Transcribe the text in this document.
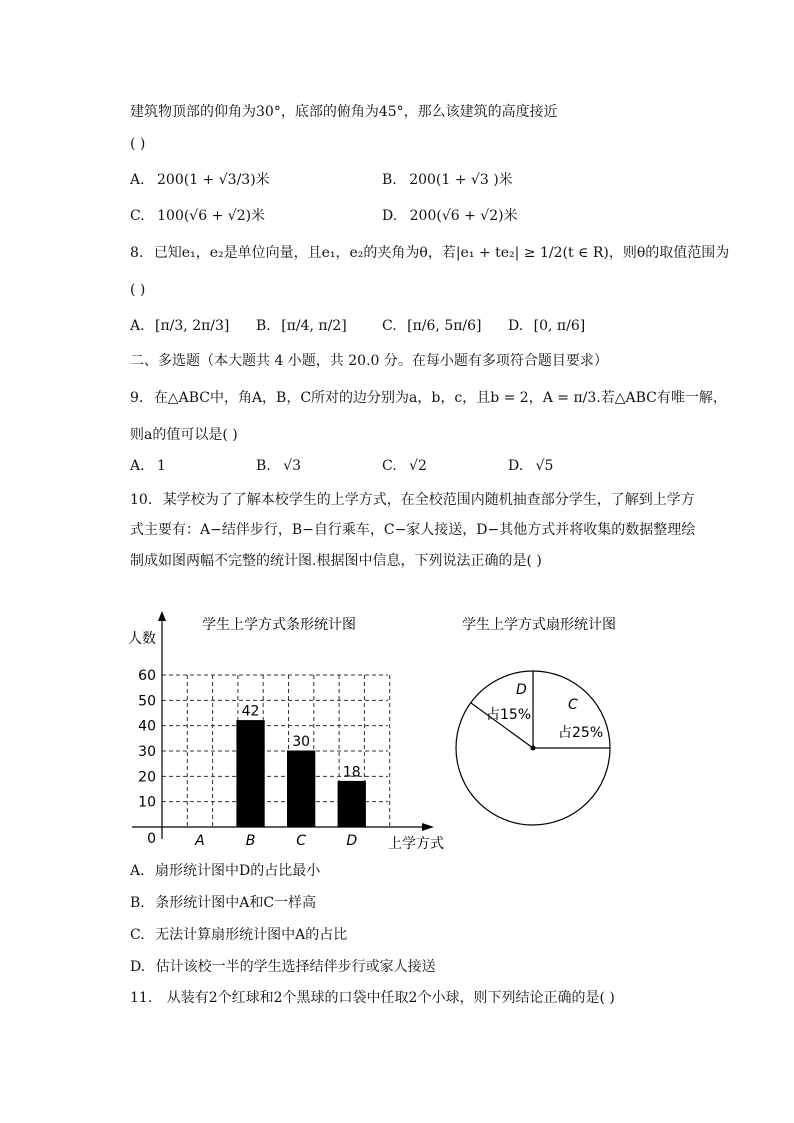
建筑物顶部的仰角为30°，底部的俯角为45°，那么该建筑的高度接近
( )
A. 200(1 + √3/3)米	B. 200(1 + √3 )米
C. 100(√6 + √2)米	D. 200(√6 + √2)米
8. 已知e₁，e₂是单位向量，且e₁，e₂的夹角为θ，若|e₁ + te₂| ≥ 1/2(t ∈ R)，则θ的取值范围为
( )
A. [π/3, 2π/3] B. [π/4, π/2]	C. [π/6, 5π/6] D. [0, π/6]
二、多选题（本大题共 4 小题，共 20.0 分。在每小题有多项符合题目要求）
9. 在△ABC中，角A，B，C所对的边分别为a，b，c，且b = 2，A = π/3.若△ABC有唯一解，
则a的值可以是( )
A. 1	B. √3	C. √2	D. √5
10. 某学校为了了解本校学生的上学方式，在全校范围内随机抽查部分学生，了解到上学方
式主要有：A−结伴步行，B−自行乘车，C−家人接送，D−其他方式并将收集的数据整理绘
制成如图两幅不完整的统计图.根据图中信息，下列说法正确的是( )
学生上学方式条形统计图
人数
上学方式
0
10
20
30
40
50
60
A	B	C	D
42
30
18
学生上学方式扇形统计图
C
占25%
D
占15%
A. 扇形统计图中D的占比最小
B. 条形统计图中A和C一样高
C. 无法计算扇形统计图中A的占比
D. 估计该校一半的学生选择结伴步行或家人接送
11. 从装有2个红球和2个黑球的口袋中任取2个小球，则下列结论正确的是( )
